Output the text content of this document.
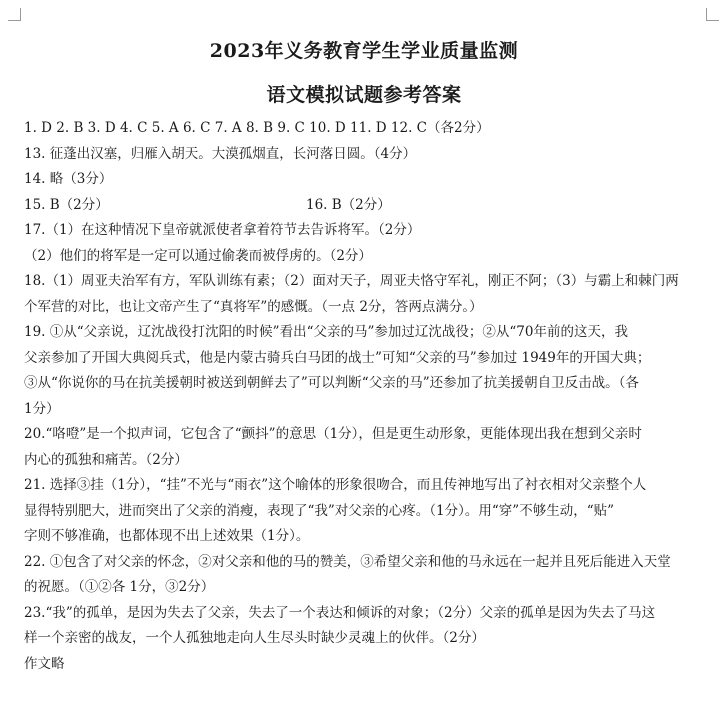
2023年义务教育学生学业质量监测
语文模拟试题参考答案
1. D 2. B 3. D 4. C 5. A 6. C 7. A 8. B 9. C 10. D 11. D 12. C（各2分）
13. 征蓬出汉塞，归雁入胡天。大漠孤烟直，长河落日圆。（4分）
14. 略（3分）
15. B（2分）	16. B（2分）
17.（1）在这种情况下皇帝就派使者拿着符节去告诉将军。（2分）
（2）他们的将军是一定可以通过偷袭而被俘虏的。（2分）
18.（1）周亚夫治军有方，军队训练有素；（2）面对天子，周亚夫恪守军礼，刚正不阿；（3）与霸上和棘门两
个军营的对比，也让文帝产生了“真将军”的感慨。（一点 2分，答两点满分。）
19. ①从“父亲说，辽沈战役打沈阳的时候”看出“父亲的马”参加过辽沈战役；②从“70年前的这天，我
父亲参加了开国大典阅兵式，他是内蒙古骑兵白马团的战士”可知“父亲的马”参加过 1949年的开国大典；
③从“你说你的马在抗美援朝时被送到朝鲜去了”可以判断“父亲的马”还参加了抗美援朝自卫反击战。（各
1分）
20.“咯噔”是一个拟声词，它包含了“颤抖”的意思（1分），但是更生动形象，更能体现出我在想到父亲时
内心的孤独和痛苦。（2分）
21. 选择③挂（1分），“挂”不光与“雨衣”这个喻体的形象很吻合，而且传神地写出了衬衣相对父亲整个人
显得特别肥大，进而突出了父亲的消瘦，表现了“我”对父亲的心疼。（1分）。用“穿”不够生动，“贴”
字则不够准确，也都体现不出上述效果（1分）。
22. ①包含了对父亲的怀念，②对父亲和他的马的赞美，③希望父亲和他的马永远在一起并且死后能进入天堂
的祝愿。（①②各 1分，③2分）
23.“我”的孤单，是因为失去了父亲，失去了一个表达和倾诉的对象；（2分）父亲的孤单是因为失去了马这
样一个亲密的战友，一个人孤独地走向人生尽头时缺少灵魂上的伙伴。（2分）
作文略
